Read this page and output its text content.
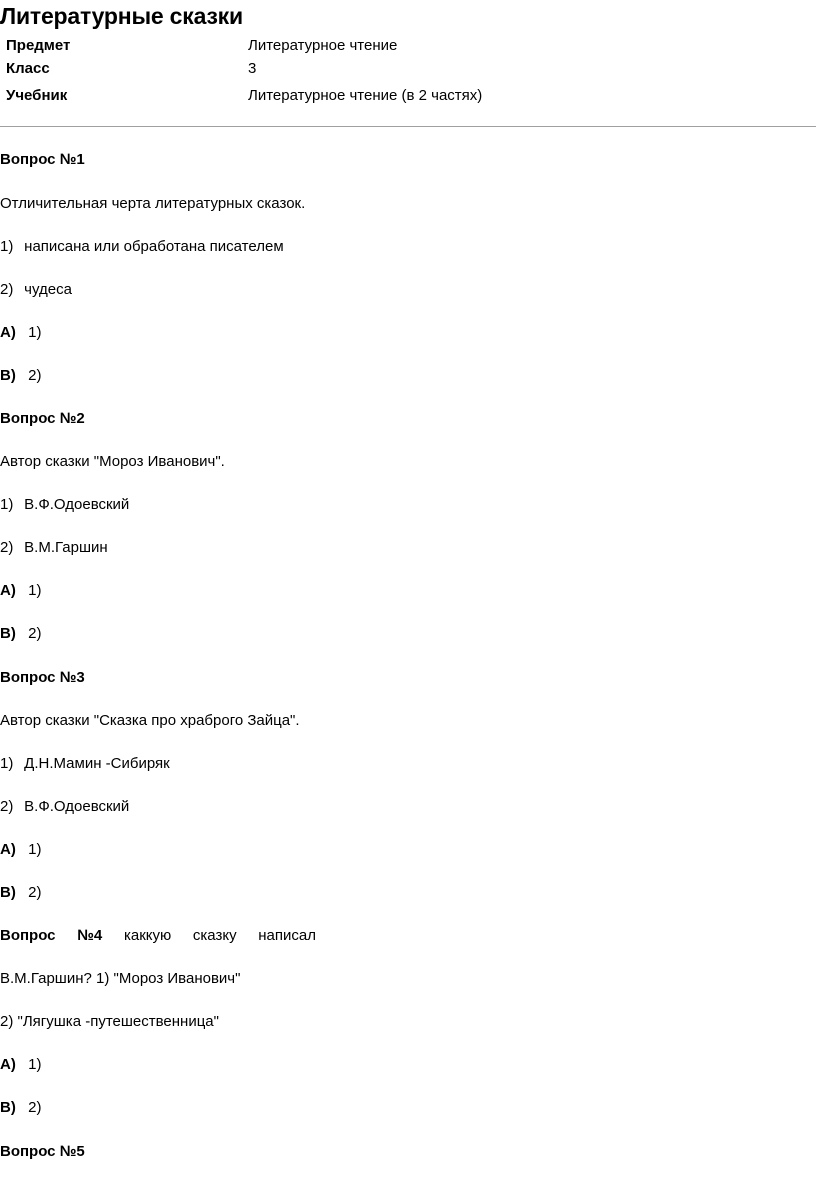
Литературные сказки
Предмет	Литературное чтение
Класс	3
Учебник	Литературное чтение (в 2 частях)
Вопрос №1
Отличительная черта литературных сказок.
1) написана или обработана писателем
2) чудеса
A) 1)
B) 2)
Вопрос №2
Автор сказки "Мороз Иванович".
1) В.Ф.Одоевский
2) В.М.Гаршин
A) 1)
B) 2)
Вопрос №3
Автор сказки "Сказка про храброго Зайца".
1) Д.Н.Мамин -Сибиряк
2) В.Ф.Одоевский
A) 1)
B) 2)
Вопрос №4 каккую сказку написал
В.М.Гаршин? 1) "Мороз Иванович"
2) "Лягушка -путешественница"
A) 1)
B) 2)
Вопрос №5
